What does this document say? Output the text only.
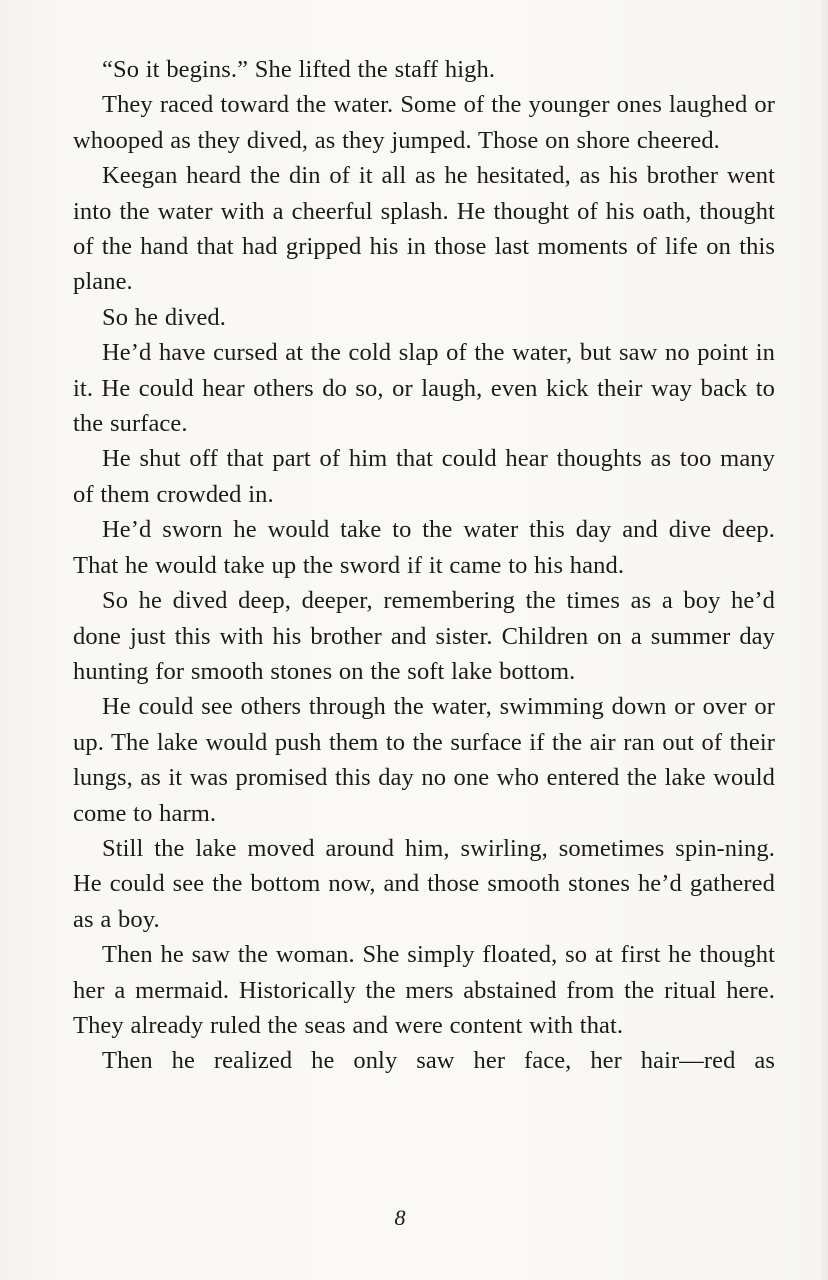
“So it begins.” She lifted the staff high.

They raced toward the water. Some of the younger ones laughed or whooped as they dived, as they jumped. Those on shore cheered.

Keegan heard the din of it all as he hesitated, as his brother went into the water with a cheerful splash. He thought of his oath, thought of the hand that had gripped his in those last moments of life on this plane.

So he dived.

He’d have cursed at the cold slap of the water, but saw no point in it. He could hear others do so, or laugh, even kick their way back to the surface.

He shut off that part of him that could hear thoughts as too many of them crowded in.

He’d sworn he would take to the water this day and dive deep. That he would take up the sword if it came to his hand.

So he dived deep, deeper, remembering the times as a boy he’d done just this with his brother and sister. Children on a summer day hunting for smooth stones on the soft lake bottom.

He could see others through the water, swimming down or over or up. The lake would push them to the surface if the air ran out of their lungs, as it was promised this day no one who entered the lake would come to harm.

Still the lake moved around him, swirling, sometimes spin-ning. He could see the bottom now, and those smooth stones he’d gathered as a boy.

Then he saw the woman. She simply floated, so at first he thought her a mermaid. Historically the mers abstained from the ritual here. They already ruled the seas and were content with that.

Then he realized he only saw her face, her hair—red as

8
